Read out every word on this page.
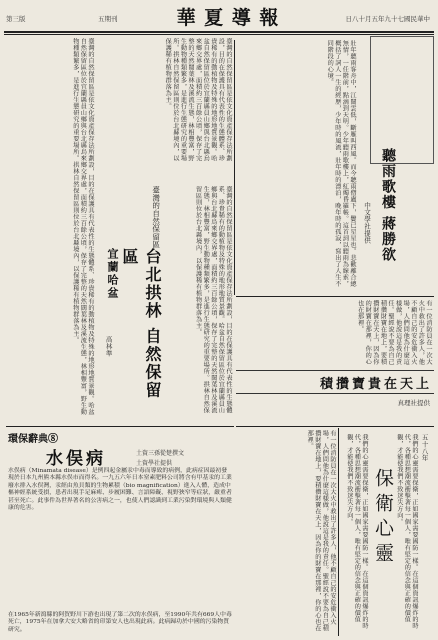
第三版	五期刊	華 夏 導 報	日八十月五年九十七國民華中
聽雨歌樓 蔣勝欲
中文學社提供
壯年聽雨客舟中，江闊雲低，斷雁叫西風。而今聽雨僧廬下，鬢已星星也。悲歡離合總無情，一任階前，點滴到天明。少年聽雨歌樓上，紅燭昏羅帳。這首詞以聽雨為線索，概括了詞人一生的經歷，少年時的風流，壯年時的漂泊，晚年時的孤寂，寫出了人生不同階段的心境。
臺灣的自然保留區是依文化資產保存法所劃設，目的在保護具有代表性的生態體系、珍貴稀有的動植物及特殊的地形地質景觀。哈盆自然保留區位於宜蘭縣員山鄉與台北縣烏來鄉交界處，面積約三百餘公頃，保存了完整的天然闊葉林及溪流生態，林相豐富，野生動物種類繁多，是進行生態研究的重要場所。拱林自然保留區則位於台北縣境內，以保護稀有植物群落為主。
臺灣的自然保留區
台北拱林 自然保留區
宜蘭哈盆
高林準
臺灣的自然保留區是依文化資產保存法所劃設，目的在保護具有代表性的生態體系、珍貴稀有的動植物及特殊的地形地質景觀。哈盆自然保留區位於宜蘭縣員山鄉與台北縣烏來鄉交界處，面積約三百餘公頃，保存了完整的天然闊葉林及溪流生態，林相豐富，野生動物種類繁多，是進行生態研究的重要場所。拱林自然保留區則位於台北縣境內，以保護稀有植物群落為主。	臺灣的自然保留區是依文化資產保存法所劃設，目的在保護具有代表性的生態體系、珍貴稀有的動植物及特殊的地形地質景觀。哈盆自然保留區位於宜蘭縣員山鄉與台北縣烏來鄉交界處，面積約三百餘公頃，保存了完整的天然闊葉林及溪流生態，林相豐富，野生動物種類繁多，是進行生態研究的重要場所。拱林自然保留區則位於台北縣境內，以保護稀有植物群落為主。	有一位消防員在一次大火中救出了許多人，他不顧自己的安危衝入火場，人們問他為什麼這樣做，他說這是我的責任。聖經說不要為自己積攢財寶在地上，要積攢財寶在天上，因為你的財寶在那裡，你的心也在那裡。
積攢寶貴在天上
真理社提供
環保辭典⑧
水俣病	土資三孫從楚撰文
土資學社提供
水俣病（Minamata disease）是例四起金屬汞中毒而導致的病例，此病症因最初發現於日本九州熊本縣水俣市而得名。一九五六年日本窒素肥料公司將含有甲基汞的工業廢水排入水俣灣，汞經由魚貝類的生物累積（bio magnification）進入人體，造成中樞神經系統受損，患者出現手足麻痺、步履困難、言語障礙、視野狹窄等症狀，嚴重者甚至死亡。此事件為世界著名的公害病之一，也使人們認識到工業污染對環境與人類健康的危害。
在1965年新瀉縣的阿賀野川下游也出現了第二次的水俣病，至1990年共有669人中毒死亡，1975年在加拿大安大略省的印第安人也出現此病。此病歸功於中國的污染物質研究。
有一位消防員在一次大火中救出了許多人，他不顧自己的安危衝入火場，人們問他為什麼這樣做，他說這是我的責任。聖經說不要為自己積攢財寶在地上，要積攢財寶在天上，因為你的財寶在那裡，你的心也在那裡。	五十八年
我們的心靈需要保衛，正如國家需要國防一樣。在這個資訊爆炸的時代，各種思想潮流衝擊著每一個人，唯有堅定的信念與正確的價值觀，才能使我們不致迷失方向。
保衛心靈
我們的心靈需要保衛，正如國家需要國防一樣。在這個資訊爆炸的時代，各種思想潮流衝擊著每一個人，唯有堅定的信念與正確的價值觀，才能使我們不致迷失方向。
